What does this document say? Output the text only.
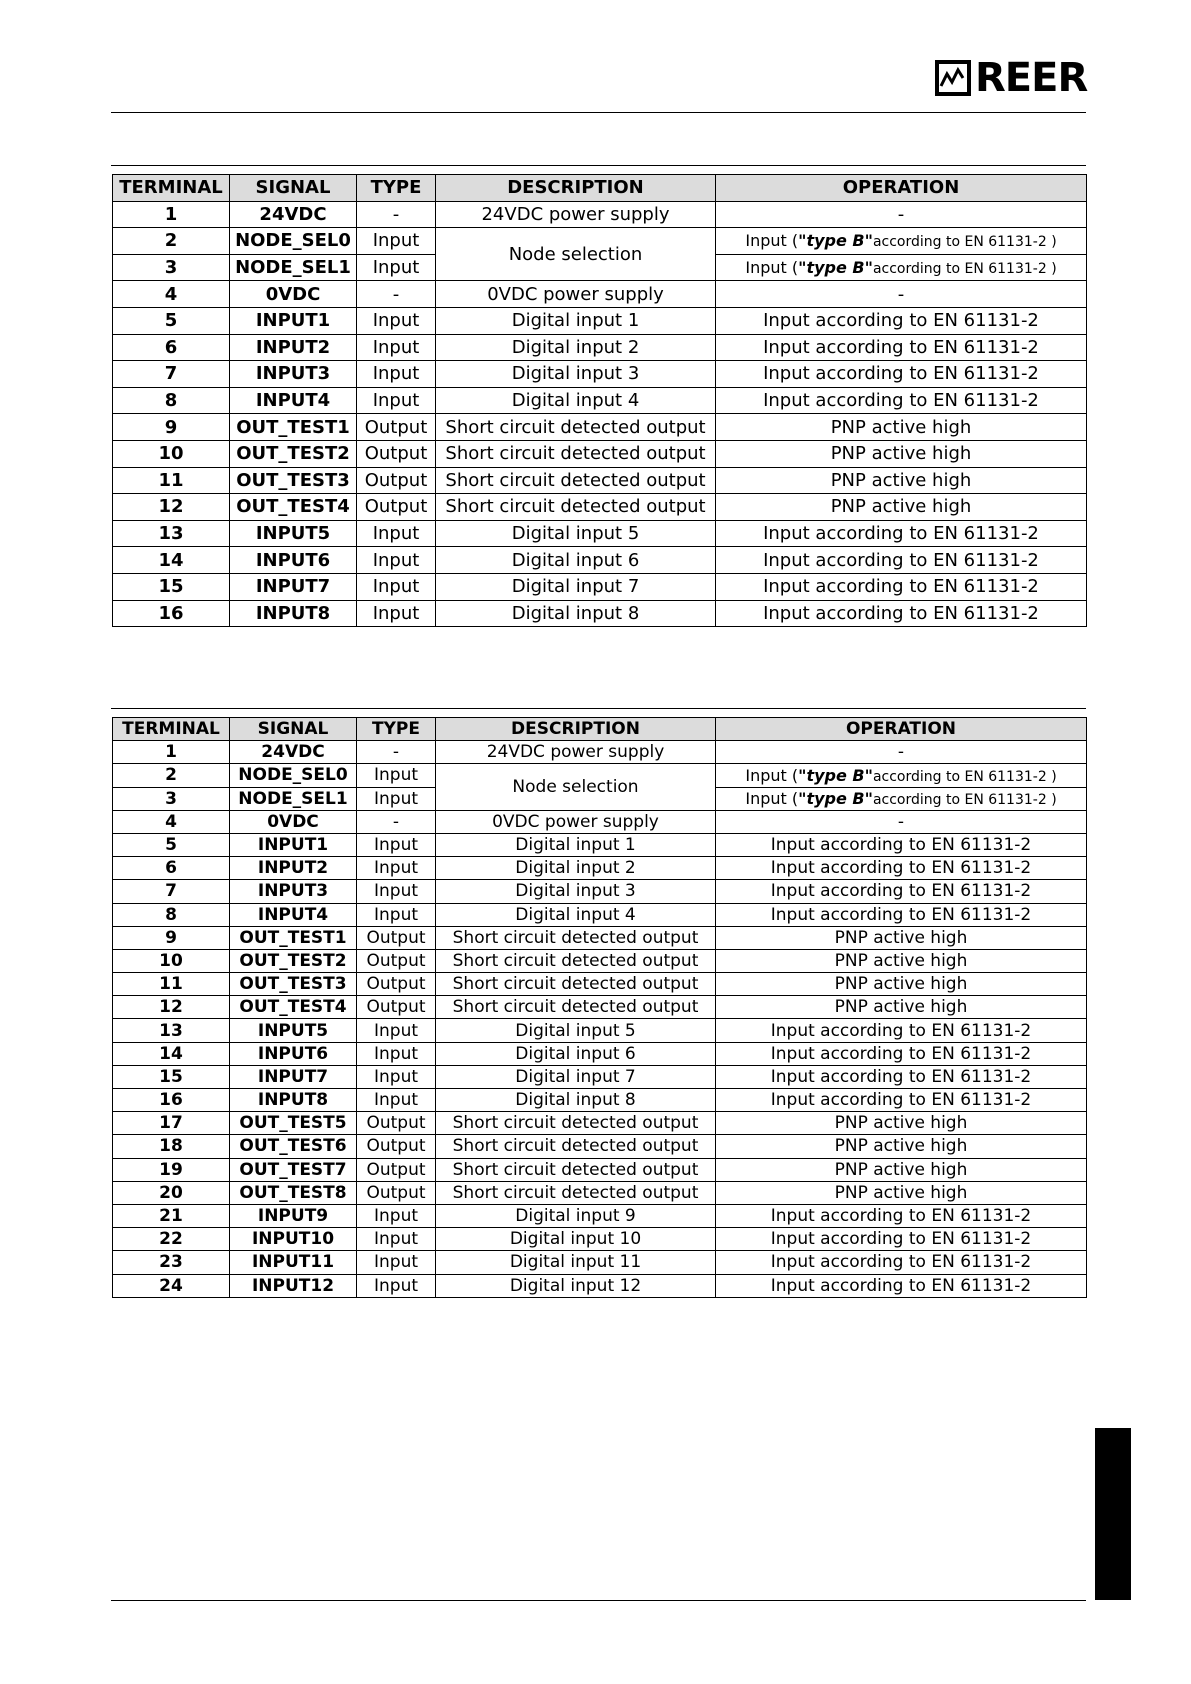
REER
TERMINAL	SIGNAL	TYPE	DESCRIPTION	OPERATION
1	24VDC	-	24VDC power supply	-
2	NODE_SEL0	Input	Node selection	Input ("type B"according to EN 61131-2 )
3	NODE_SEL1	Input		Input ("type B"according to EN 61131-2 )
4	0VDC	-	0VDC power supply	-
5	INPUT1	Input	Digital input 1	Input according to EN 61131-2
6	INPUT2	Input	Digital input 2	Input according to EN 61131-2
7	INPUT3	Input	Digital input 3	Input according to EN 61131-2
8	INPUT4	Input	Digital input 4	Input according to EN 61131-2
9	OUT_TEST1	Output	Short circuit detected output	PNP active high
10	OUT_TEST2	Output	Short circuit detected output	PNP active high
11	OUT_TEST3	Output	Short circuit detected output	PNP active high
12	OUT_TEST4	Output	Short circuit detected output	PNP active high
13	INPUT5	Input	Digital input 5	Input according to EN 61131-2
14	INPUT6	Input	Digital input 6	Input according to EN 61131-2
15	INPUT7	Input	Digital input 7	Input according to EN 61131-2
16	INPUT8	Input	Digital input 8	Input according to EN 61131-2
TERMINAL	SIGNAL	TYPE	DESCRIPTION	OPERATION
1	24VDC	-	24VDC power supply	-
2	NODE_SEL0	Input	Node selection	Input ("type B"according to EN 61131-2 )
3	NODE_SEL1	Input		Input ("type B"according to EN 61131-2 )
4	0VDC	-	0VDC power supply	-
5	INPUT1	Input	Digital input 1	Input according to EN 61131-2
6	INPUT2	Input	Digital input 2	Input according to EN 61131-2
7	INPUT3	Input	Digital input 3	Input according to EN 61131-2
8	INPUT4	Input	Digital input 4	Input according to EN 61131-2
9	OUT_TEST1	Output	Short circuit detected output	PNP active high
10	OUT_TEST2	Output	Short circuit detected output	PNP active high
11	OUT_TEST3	Output	Short circuit detected output	PNP active high
12	OUT_TEST4	Output	Short circuit detected output	PNP active high
13	INPUT5	Input	Digital input 5	Input according to EN 61131-2
14	INPUT6	Input	Digital input 6	Input according to EN 61131-2
15	INPUT7	Input	Digital input 7	Input according to EN 61131-2
16	INPUT8	Input	Digital input 8	Input according to EN 61131-2
17	OUT_TEST5	Output	Short circuit detected output	PNP active high
18	OUT_TEST6	Output	Short circuit detected output	PNP active high
19	OUT_TEST7	Output	Short circuit detected output	PNP active high
20	OUT_TEST8	Output	Short circuit detected output	PNP active high
21	INPUT9	Input	Digital input 9	Input according to EN 61131-2
22	INPUT10	Input	Digital input 10	Input according to EN 61131-2
23	INPUT11	Input	Digital input 11	Input according to EN 61131-2
24	INPUT12	Input	Digital input 12	Input according to EN 61131-2
